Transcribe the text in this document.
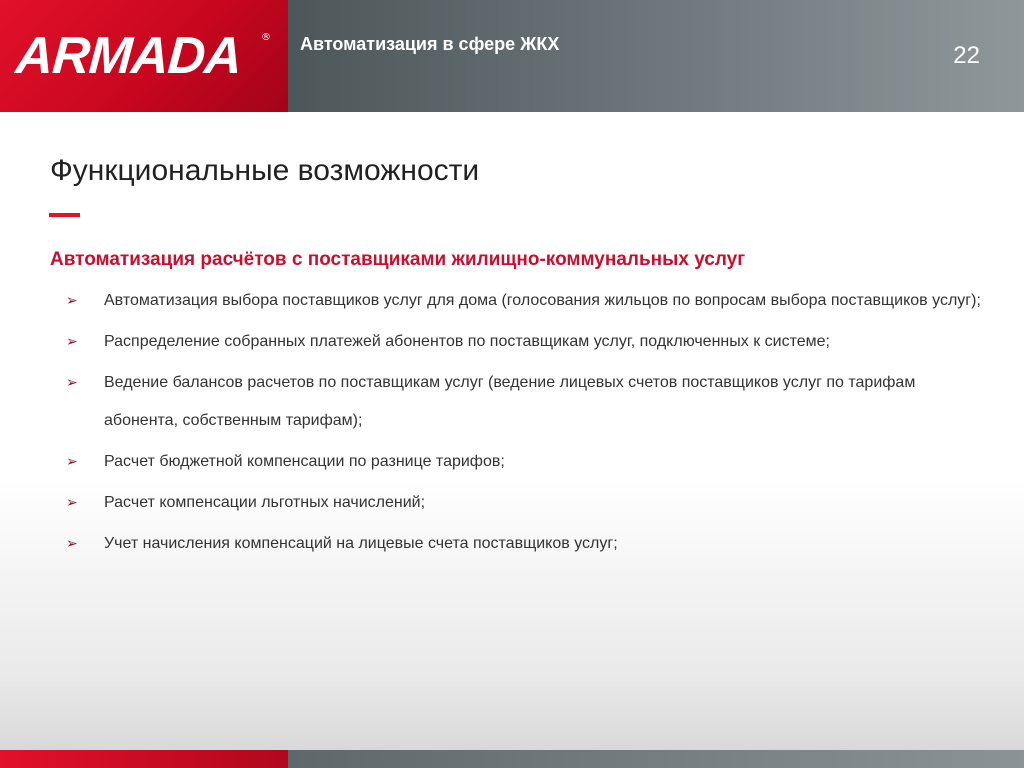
ARMADA ® Автоматизация в сфере ЖКХ	22
Функциональные возможности
Автоматизация расчётов с поставщиками жилищно-коммунальных услуг
➢ Автоматизация выбора поставщиков услуг для дома (голосования жильцов по вопросам выбора поставщиков услуг);
➢ Распределение собранных платежей абонентов по поставщикам услуг, подключенных к системе;
➢ Ведение балансов расчетов по поставщикам услуг (ведение лицевых счетов поставщиков услуг по тарифам абонента, собственным тарифам);
➢ Расчет бюджетной компенсации по разнице тарифов;
➢ Расчет компенсации льготных начислений;
➢ Учет начисления компенсаций на лицевые счета поставщиков услуг;
